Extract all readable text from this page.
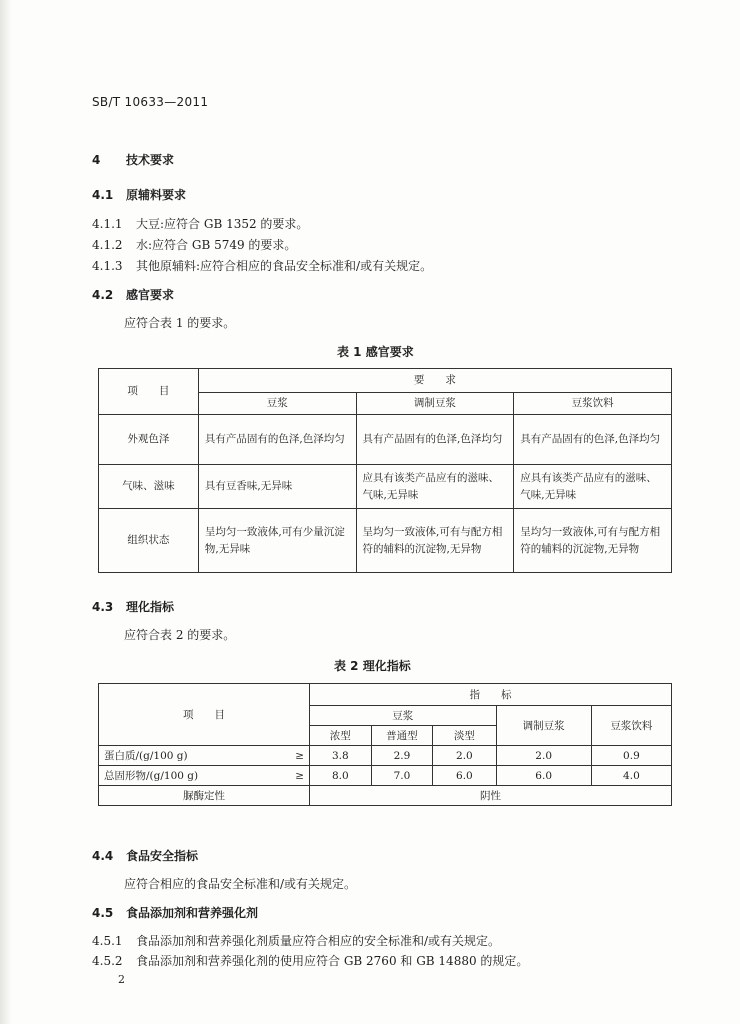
SB/T 10633—2011
4 技术要求
4.1 原辅料要求
4.1.1 大豆:应符合 GB 1352 的要求。
4.1.2 水:应符合 GB 5749 的要求。
4.1.3 其他原辅料:应符合相应的食品安全标准和/或有关规定。
4.2 感官要求
应符合表 1 的要求。
表 1 感官要求
项　　目	要　　求		
	豆浆	调制豆浆	豆浆饮料
外观色泽	具有产品固有的色泽,色泽均匀	具有产品固有的色泽,色泽均匀	具有产品固有的色泽,色泽均匀
气味、滋味	具有豆香味,无异味	应具有该类产品应有的滋味、气味,无异味	应具有该类产品应有的滋味、气味,无异味
组织状态	呈均匀一致液体,可有少量沉淀物,无异味	呈均匀一致液体,可有与配方相符的辅料的沉淀物,无异物	呈均匀一致液体,可有与配方相符的辅料的沉淀物,无异物
4.3 理化指标
应符合表 2 的要求。
表 2 理化指标
项　　目		指　　标				
		豆浆			调制豆浆	豆浆饮料
		浓型	普通型	淡型		
蛋白质/(g/100 g)	≥	3.8	2.9	2.0	2.0	0.9
总固形物/(g/100 g)	≥	8.0	7.0	6.0	6.0	4.0
脲酶定性		阴性				
4.4 食品安全指标
应符合相应的食品安全标准和/或有关规定。
4.5 食品添加剂和营养强化剂
4.5.1 食品添加剂和营养强化剂质量应符合相应的安全标准和/或有关规定。
4.5.2 食品添加剂和营养强化剂的使用应符合 GB 2760 和 GB 14880 的规定。
2
